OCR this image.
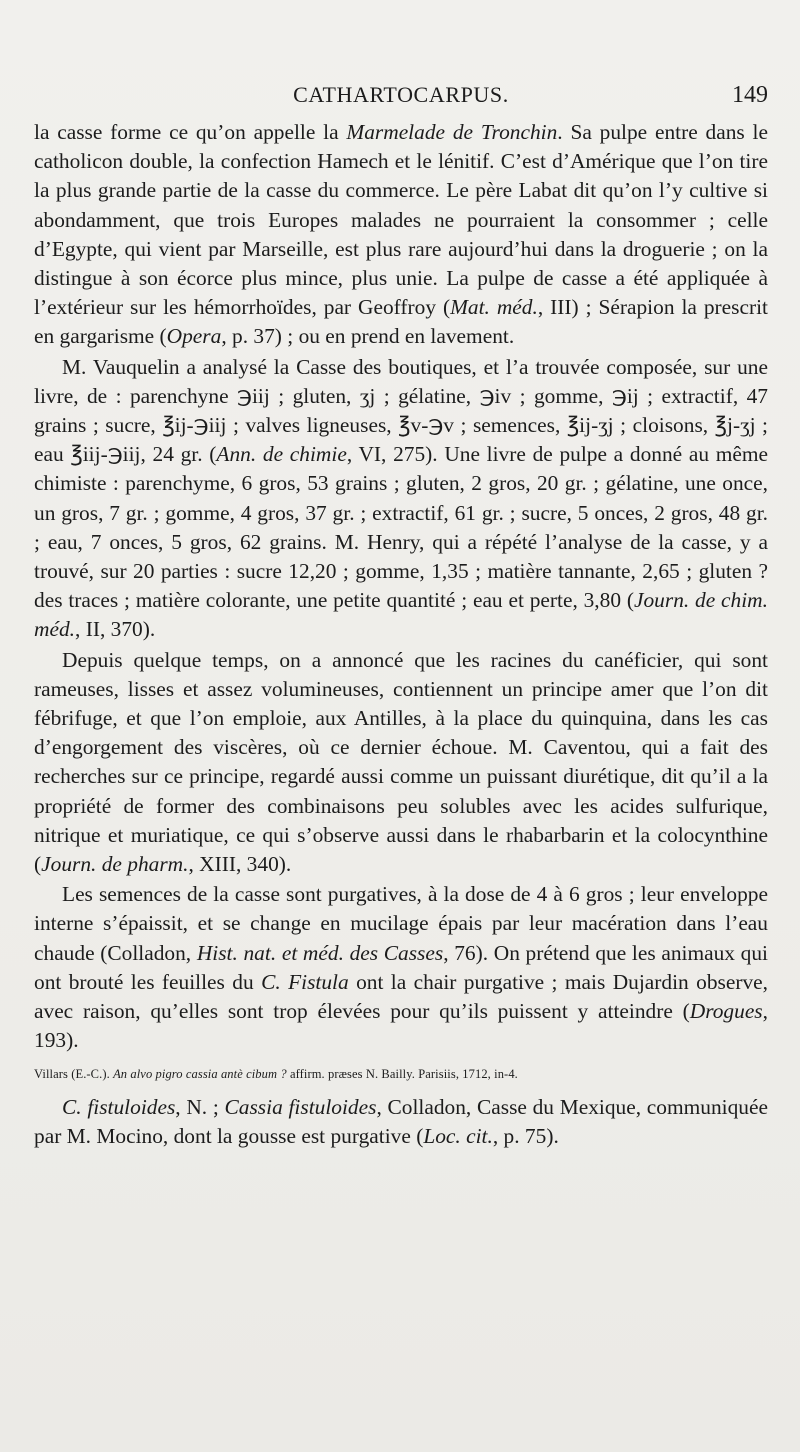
CATHARTOCARPUS.	149

la casse forme ce qu’on appelle la Marmelade de Tronchin. Sa pulpe entre dans le catholicon double, la confection Hamech et le lénitif. C’est d’Amérique que l’on tire la plus grande partie de la casse du commerce. Le père Labat dit qu’on l’y cultive si abondamment, que trois Europes malades ne pourraient la consommer ; celle d’Egypte, qui vient par Marseille, est plus rare aujourd’hui dans la droguerie ; on la distingue à son écorce plus mince, plus unie. La pulpe de casse a été appliquée à l’extérieur sur les hémorrhoïdes, par Geoffroy (Mat. méd., III) ; Sérapion la prescrit en gargarisme (Opera, p. 37) ; ou en prend en lavement.

M. Vauquelin a analysé la Casse des boutiques, et l’a trouvée composée, sur une livre, de : parenchyne ℈iij ; gluten, ʒj ; gélatine, ℈iv ; gomme, ℈ij ; extractif, 47 grains ; sucre, ℥ij-℈iij ; valves ligneuses, ℥v-℈v ; semences, ℥ij-ʒj ; cloisons, ℥j-ʒj ; eau ℥iij-℈iij, 24 gr. (Ann. de chimie, VI, 275). Une livre de pulpe a donné au même chimiste : parenchyme, 6 gros, 53 grains ; gluten, 2 gros, 20 gr. ; gélatine, une once, un gros, 7 gr. ; gomme, 4 gros, 37 gr. ; extractif, 61 gr. ; sucre, 5 onces, 2 gros, 48 gr. ; eau, 7 onces, 5 gros, 62 grains. M. Henry, qui a répété l’analyse de la casse, y a trouvé, sur 20 parties : sucre 12,20 ; gomme, 1,35 ; matière tannante, 2,65 ; gluten ? des traces ; matière colorante, une petite quantité ; eau et perte, 3,80 (Journ. de chim. méd., II, 370).

Depuis quelque temps, on a annoncé que les racines du canéficier, qui sont rameuses, lisses et assez volumineuses, contiennent un principe amer que l’on dit fébrifuge, et que l’on emploie, aux Antilles, à la place du quinquina, dans les cas d’engorgement des viscères, où ce dernier échoue. M. Caventou, qui a fait des recherches sur ce principe, regardé aussi comme un puissant diurétique, dit qu’il a la propriété de former des combinaisons peu solubles avec les acides sulfurique, nitrique et muriatique, ce qui s’observe aussi dans le rhabarbarin et la colocynthine (Journ. de pharm., XIII, 340).

Les semences de la casse sont purgatives, à la dose de 4 à 6 gros ; leur enveloppe interne s’épaissit, et se change en mucilage épais par leur macération dans l’eau chaude (Colladon, Hist. nat. et méd. des Casses, 76). On prétend que les animaux qui ont brouté les feuilles du C. Fistula ont la chair purgative ; mais Dujardin observe, avec raison, qu’elles sont trop élevées pour qu’ils puissent y atteindre (Drogues, 193).

Villars (E.-C.). An alvo pigro cassia antè cibum ? affirm. præses N. Bailly. Parisiis, 1712, in-4.

C. fistuloides, N. ; Cassia fistuloides, Colladon, Casse du Mexique, communiquée par M. Mocino, dont la gousse est purgative (Loc. cit., p. 75).
